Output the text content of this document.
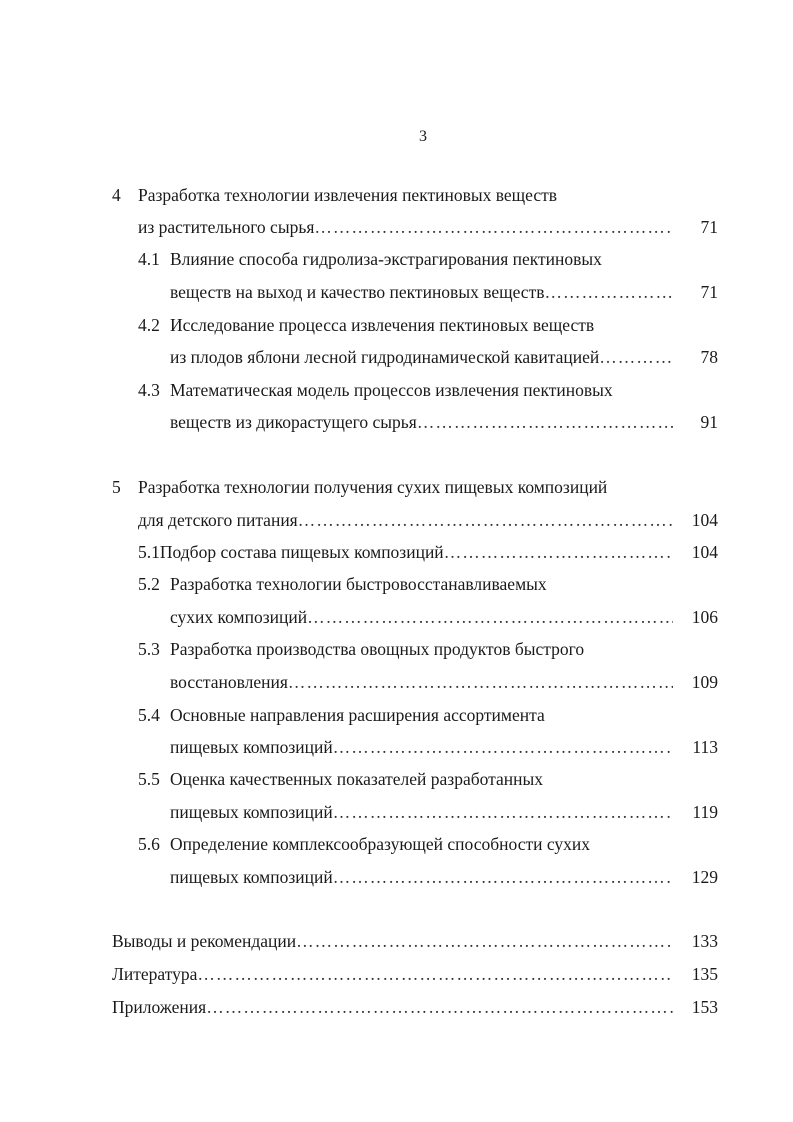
3
4 Разработка технологии извлечения пектиновых веществ
из растительного сырья ……………………………………………………………………………………………………………………………………………………………………	71
4.1 Влияние способа гидролиза-экстрагирования пектиновых
веществ на выход и качество пектиновых веществ ……………………………………………………………………………………………………………………………………………………………………	71
4.2 Исследование процесса извлечения пектиновых веществ
из плодов яблони лесной гидродинамической кавитацией ……………………………………………………………………………………………………………………………………………………………………	78
4.3 Математическая модель процессов извлечения пектиновых
веществ из дикорастущего сырья ……………………………………………………………………………………………………………………………………………………………………	91
5 Разработка технологии получения сухих пищевых композиций
для детского питания ……………………………………………………………………………………………………………………………………………………………………	104
5.1 Подбор состава пищевых композиций ……………………………………………………………………………………………………………………………………………………………………	104
5.2 Разработка технологии быстровосстанавливаемых
сухих композиций ……………………………………………………………………………………………………………………………………………………………………	106
5.3 Разработка производства овощных продуктов быстрого
восстановления ……………………………………………………………………………………………………………………………………………………………………	109
5.4 Основные направления расширения ассортимента
пищевых композиций ……………………………………………………………………………………………………………………………………………………………………	113
5.5 Оценка качественных показателей разработанных
пищевых композиций ……………………………………………………………………………………………………………………………………………………………………	119
5.6 Определение комплексообразующей способности сухих
пищевых композиций ……………………………………………………………………………………………………………………………………………………………………	129
Выводы и рекомендации ……………………………………………………………………………………………………………………………………………………………………	133
Литература ……………………………………………………………………………………………………………………………………………………………………	135
Приложения ……………………………………………………………………………………………………………………………………………………………………	153
